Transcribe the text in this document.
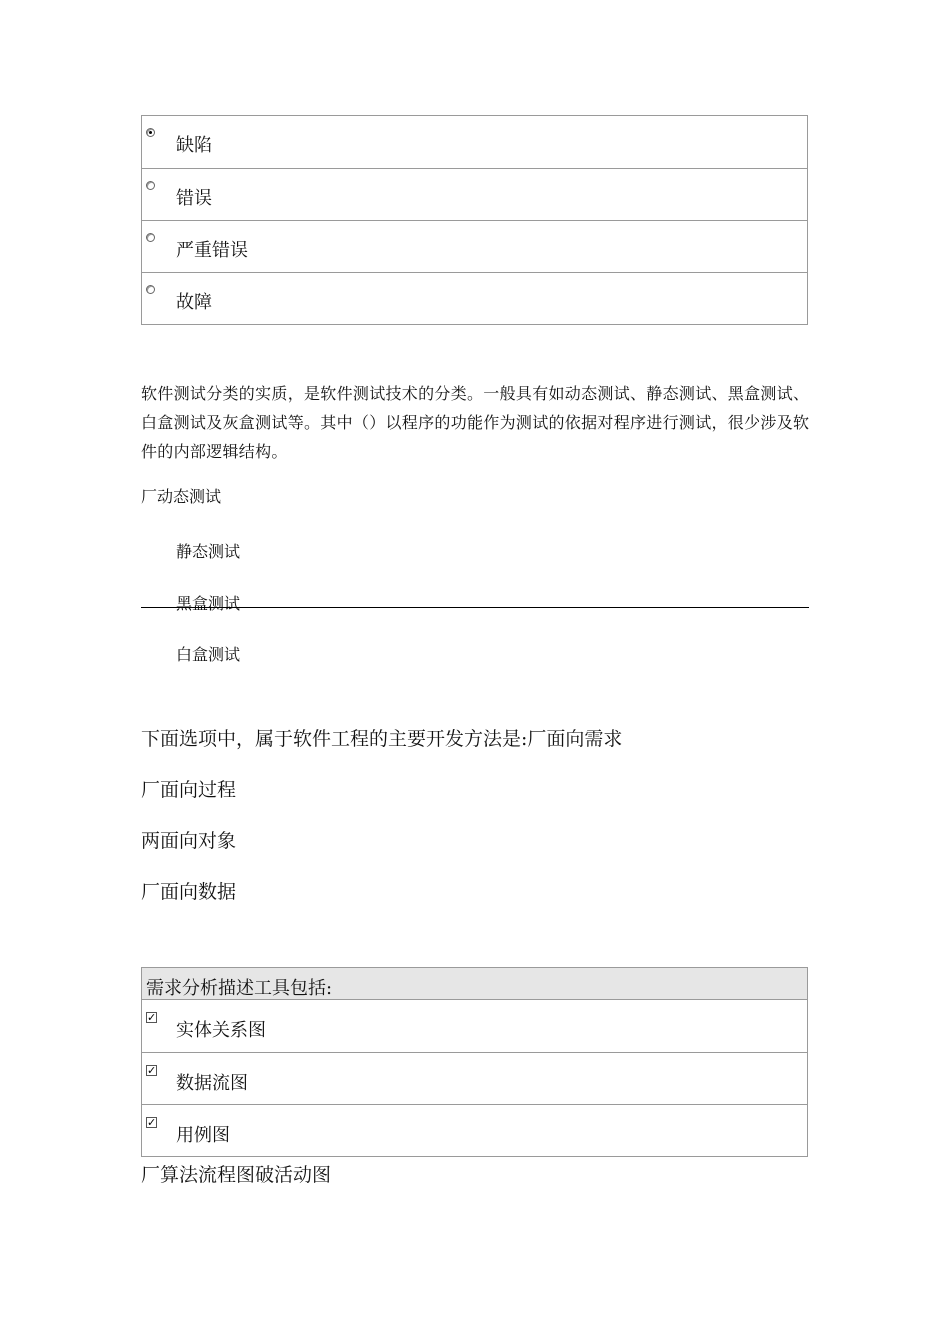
缺陷
错误
严重错误
故障
软件测试分类的实质，是软件测试技术的分类。一般具有如动态测试、静态测试、黑盒测试、白盒测试及灰盒测试等。其中（）以程序的功能作为测试的依据对程序进行测试，很少涉及软件的内部逻辑结构。
厂动态测试
静态测试
黑盒测试
白盒测试
下面选项中，属于软件工程的主要开发方法是:厂面向需求
厂面向过程
两面向对象
厂面向数据
需求分析描述工具包括:
✓
实体关系图
✓
数据流图
✓
用例图
厂算法流程图破活动图
